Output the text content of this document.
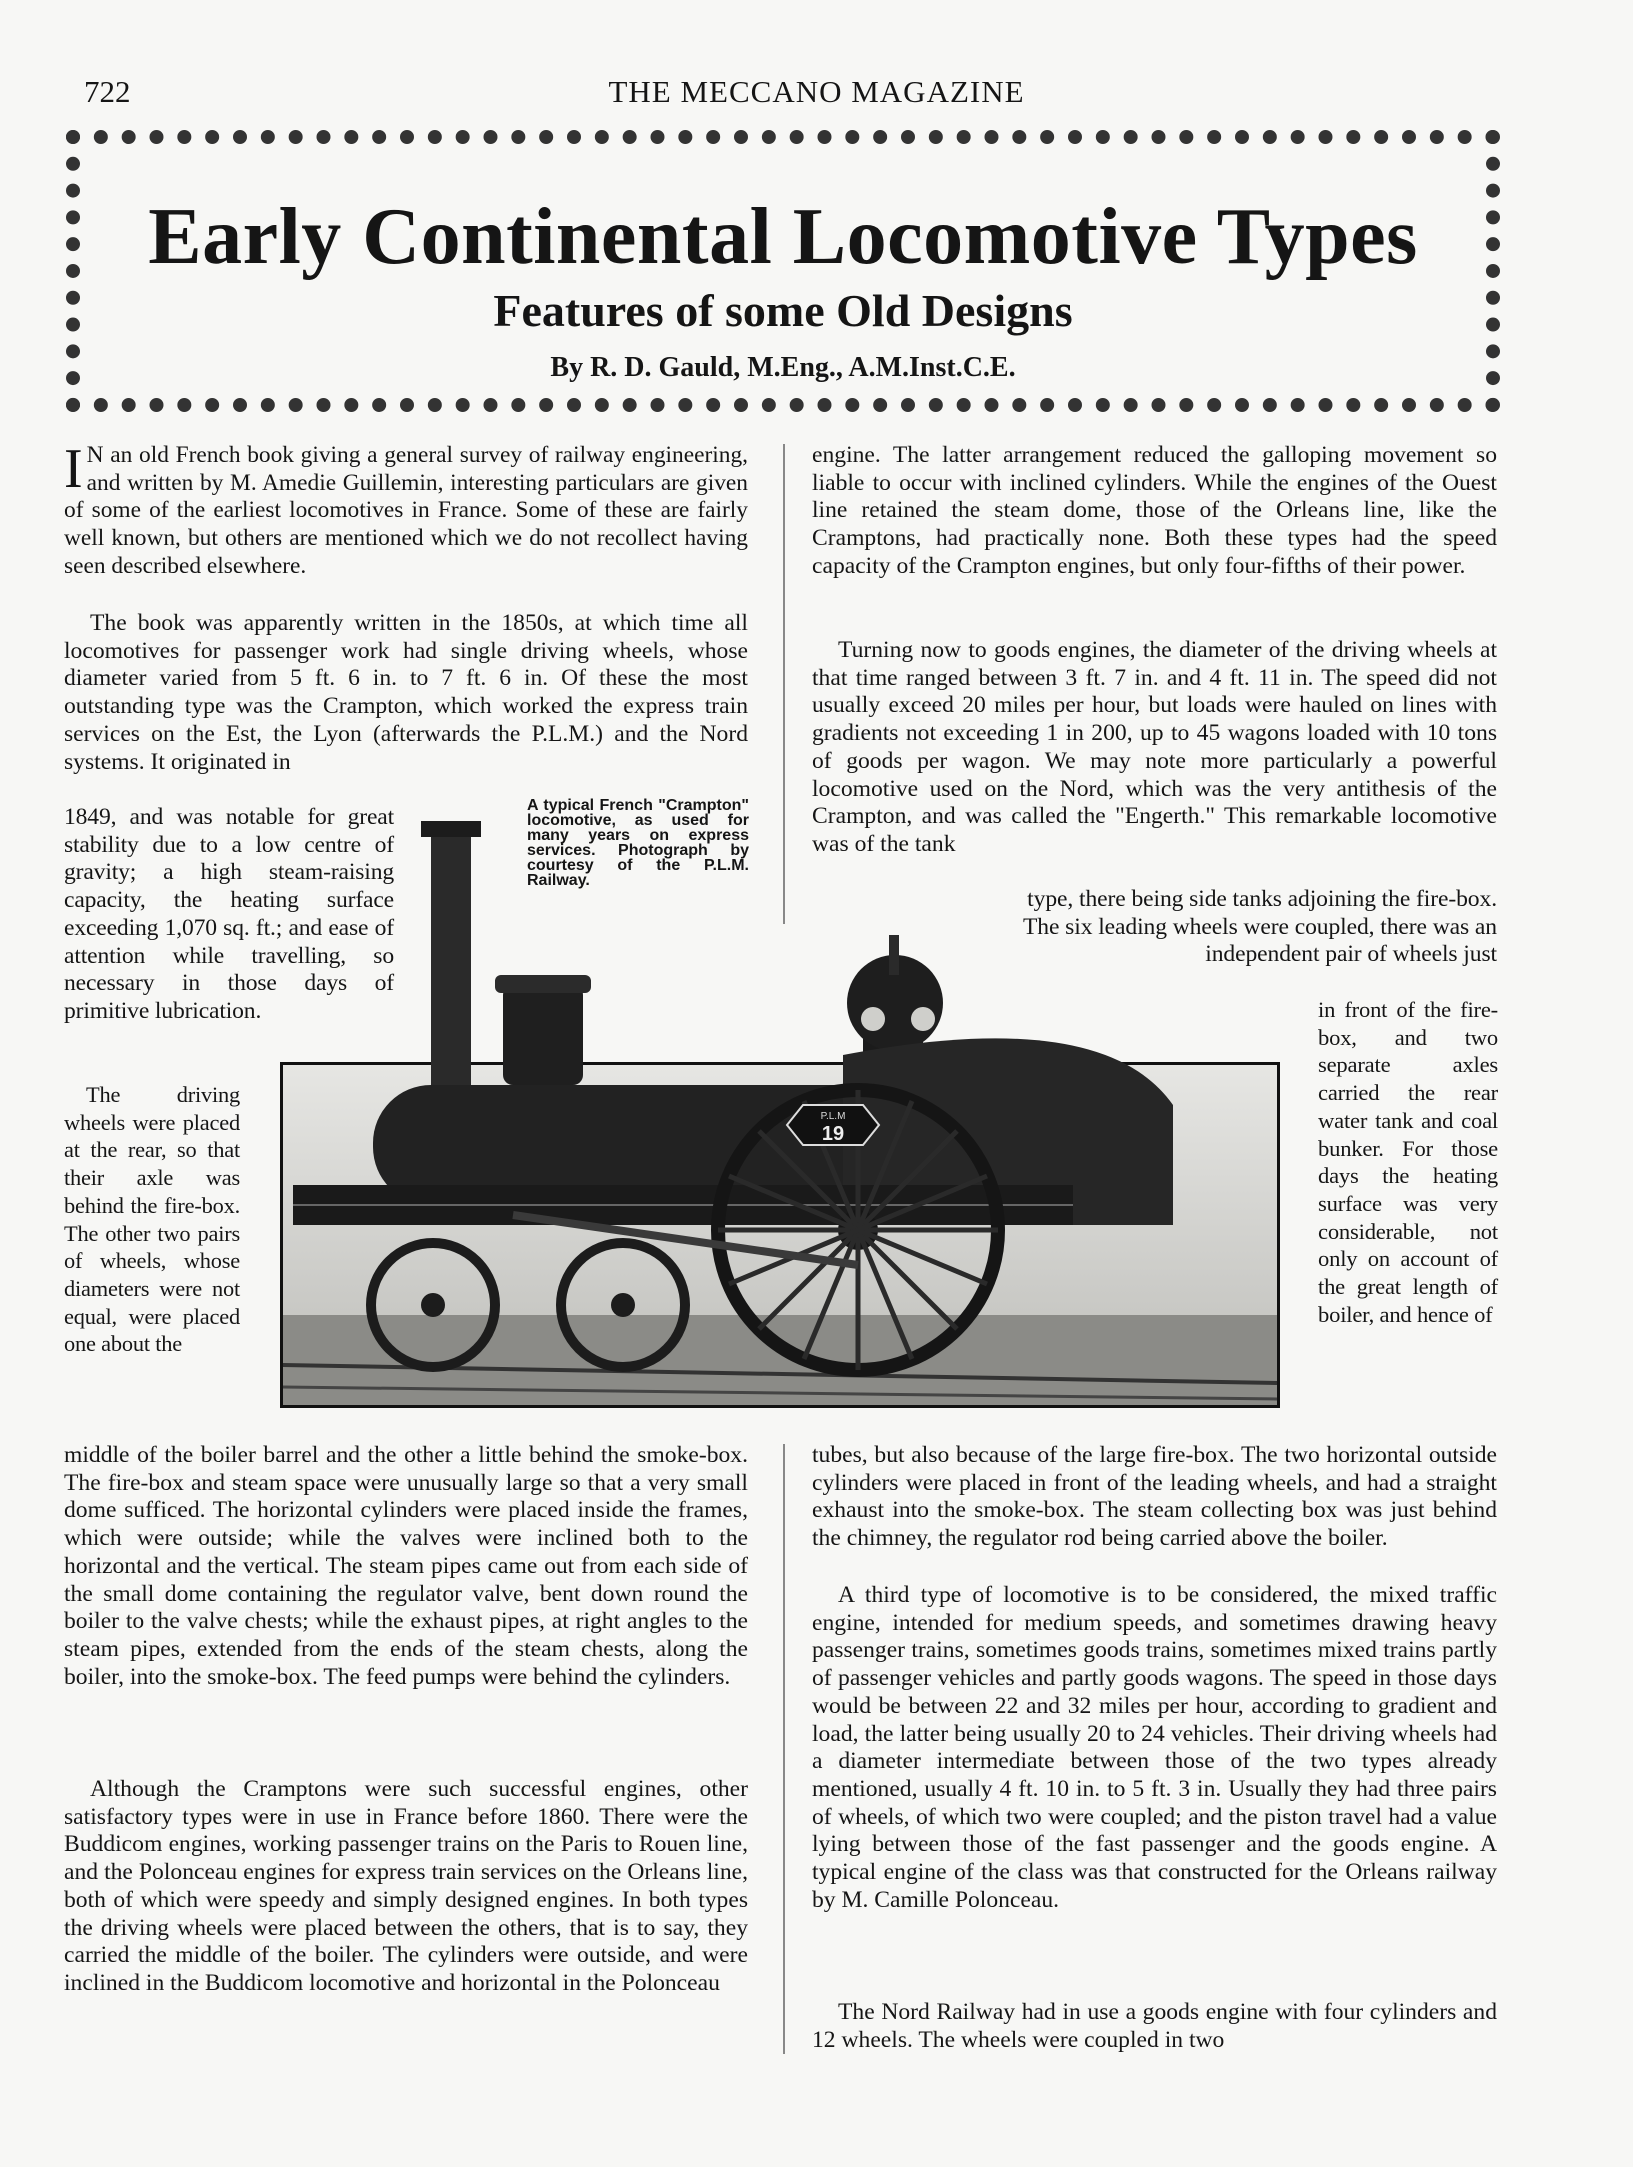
722	THE MECCANO MAGAZINE
Early Continental Locomotive Types
Features of some Old Designs
By R. D. Gauld, M.Eng., A.M.Inst.C.E.

I N an old French book giving a general survey of railway engineering, and written by M. Amedie Guillemin, interesting particulars are given of some of the earliest locomotives in France. Some of these are fairly well known, but others are mentioned which we do not recollect having seen described elsewhere.

The book was apparently written in the 1850s, at which time all locomotives for passenger work had single driving wheels, whose diameter varied from 5 ft. 6 in. to 7 ft. 6 in. Of these the most outstanding type was the Crampton, which worked the express train services on the Est, the Lyon (afterwards the P.L.M.) and the Nord systems. It originated in

1849, and was notable for great stability due to a low centre of gravity; a high steam-raising capacity, the heating surface exceeding 1,070 sq. ft.; and ease of attention while travelling, so necessary in those days of primitive lubrication.

The driving wheels were placed at the rear, so that their axle was behind the fire-box. The other two pairs of wheels, whose diameters were not equal, were placed one about the

middle of the boiler barrel and the other a little behind the smoke-box. The fire-box and steam space were unusually large so that a very small dome sufficed. The horizontal cylinders were placed inside the frames, which were outside; while the valves were inclined both to the horizontal and the vertical. The steam pipes came out from each side of the small dome containing the regulator valve, bent down round the boiler to the valve chests; while the exhaust pipes, at right angles to the steam pipes, extended from the ends of the steam chests, along the boiler, into the smoke-box. The feed pumps were behind the cylinders.

Although the Cramptons were such successful engines, other satisfactory types were in use in France before 1860. There were the Buddicom engines, working passenger trains on the Paris to Rouen line, and the Polonceau engines for express train services on the Orleans line, both of which were speedy and simply designed engines. In both types the driving wheels were placed between the others, that is to say, they carried the middle of the boiler. The cylinders were outside, and were inclined in the Buddicom locomotive and horizontal in the Polonceau

engine. The latter arrangement reduced the galloping movement so liable to occur with inclined cylinders. While the engines of the Ouest line retained the steam dome, those of the Orleans line, like the Cramptons, had practically none. Both these types had the speed capacity of the Crampton engines, but only four-fifths of their power.

Turning now to goods engines, the diameter of the driving wheels at that time ranged between 3 ft. 7 in. and 4 ft. 11 in. The speed did not usually exceed 20 miles per hour, but loads were hauled on lines with gradients not exceeding 1 in 200, up to 45 wagons loaded with 10 tons of goods per wagon. We may note more particularly a powerful locomotive used on the Nord, which was the very antithesis of the Crampton, and was called the "Engerth." This remarkable locomotive was of the tank

type, there being side tanks adjoining the fire-box. The six leading wheels were coupled, there was an independent pair of wheels just

in front of the fire-box, and two separate axles carried the rear water tank and coal bunker. For those days the heating surface was very considerable, not only on account of the great length of boiler, and hence of

tubes, but also because of the large fire-box. The two horizontal outside cylinders were placed in front of the leading wheels, and had a straight exhaust into the smoke-box. The steam collecting box was just behind the chimney, the regulator rod being carried above the boiler.

A third type of locomotive is to be considered, the mixed traffic engine, intended for medium speeds, and sometimes drawing heavy passenger trains, sometimes goods trains, sometimes mixed trains partly of passenger vehicles and partly goods wagons. The speed in those days would be between 22 and 32 miles per hour, according to gradient and load, the latter being usually 20 to 24 vehicles. Their driving wheels had a diameter intermediate between those of the two types already mentioned, usually 4 ft. 10 in. to 5 ft. 3 in. Usually they had three pairs of wheels, of which two were coupled; and the piston travel had a value lying between those of the fast passenger and the goods engine. A typical engine of the class was that constructed for the Orleans railway by M. Camille Polonceau.

The Nord Railway had in use a goods engine with four cylinders and 12 wheels. The wheels were coupled in two

A typical French "Crampton" locomotive, as used for many years on express services. Photograph by courtesy of the P.L.M. Railway.
P.L.M
19
